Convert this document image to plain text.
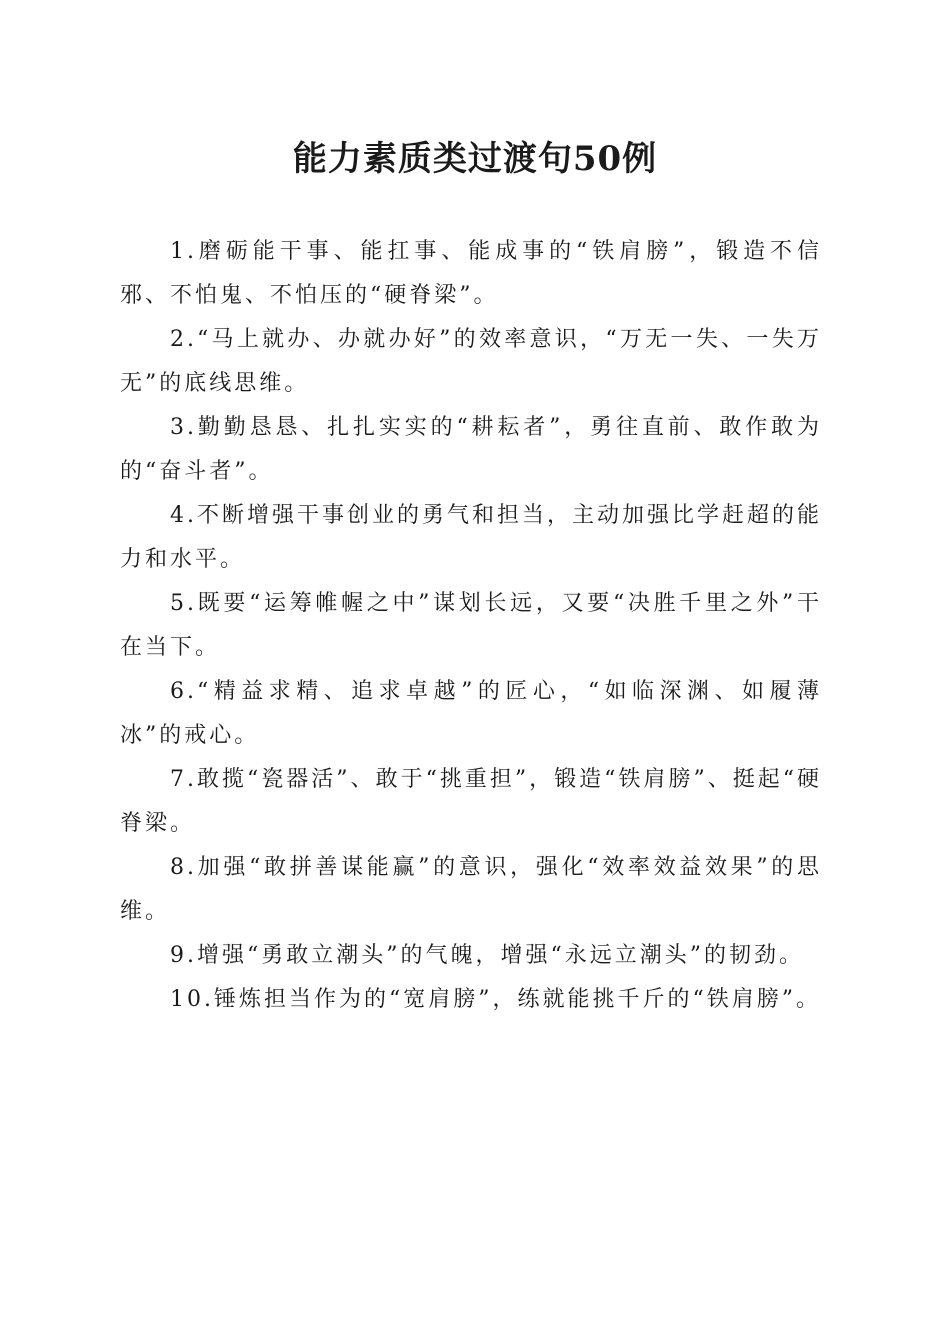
能力素质类过渡句50例

1.磨砺能干事、能扛事、能成事的“铁肩膀”，锻造不信邪、不怕鬼、不怕压的“硬脊梁”。

2.“马上就办、办就办好”的效率意识，“万无一失、一失万无”的底线思维。

3.勤勤恳恳、扎扎实实的“耕耘者”，勇往直前、敢作敢为的“奋斗者”。

4.不断增强干事创业的勇气和担当，主动加强比学赶超的能力和水平。

5.既要“运筹帷幄之中”谋划长远，又要“决胜千里之外”干在当下。

6.“精益求精、追求卓越”的匠心，“如临深渊、如履薄冰”的戒心。

7.敢揽“瓷器活”、敢于“挑重担”，锻造“铁肩膀”、挺起“硬脊梁。

8.加强“敢拼善谋能赢”的意识，强化“效率效益效果”的思维。

9.增强“勇敢立潮头”的气魄，增强“永远立潮头”的韧劲。

10.锤炼担当作为的“宽肩膀”，练就能挑千斤的“铁肩膀”。
